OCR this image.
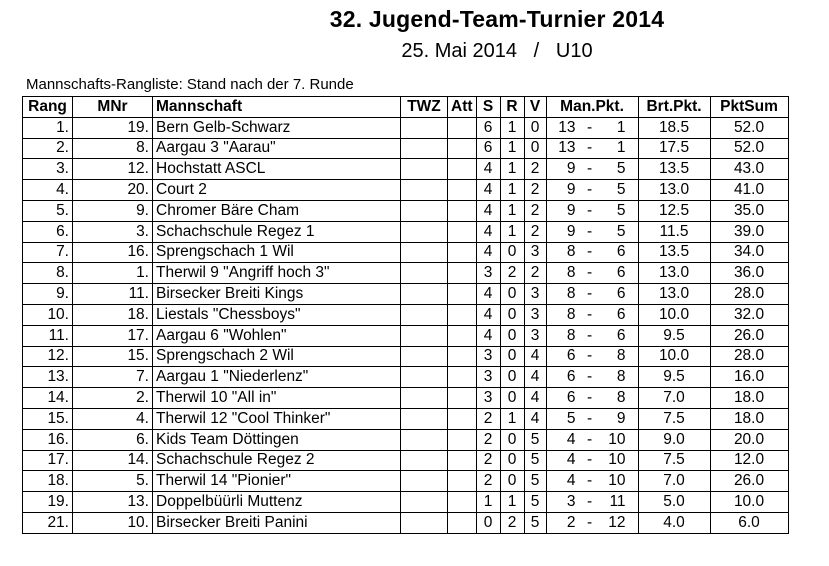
32. Jugend-Team-Turnier 2014
25. Mai 2014   /   U10
Mannschafts-Rangliste: Stand nach der 7. Runde
Rang	MNr	Mannschaft	TWZ	Att	S	R	V	Man.Pkt.	Brt.Pkt.	PktSum
1.	19.	Bern Gelb-Schwarz			6	1	0	13 - 1	18.5	52.0
2.	8.	Aargau 3 "Aarau"			6	1	0	13 - 1	17.5	52.0
3.	12.	Hochstatt ASCL			4	1	2	9 - 5	13.5	43.0
4.	20.	Court 2			4	1	2	9 - 5	13.0	41.0
5.	9.	Chromer Bäre Cham			4	1	2	9 - 5	12.5	35.0
6.	3.	Schachschule Regez 1			4	1	2	9 - 5	11.5	39.0
7.	16.	Sprengschach 1 Wil			4	0	3	8 - 6	13.5	34.0
8.	1.	Therwil 9 "Angriff hoch 3"			3	2	2	8 - 6	13.0	36.0
9.	11.	Birsecker Breiti Kings			4	0	3	8 - 6	13.0	28.0
10.	18.	Liestals "Chessboys"			4	0	3	8 - 6	10.0	32.0
11.	17.	Aargau 6 "Wohlen"			4	0	3	8 - 6	9.5	26.0
12.	15.	Sprengschach 2 Wil			3	0	4	6 - 8	10.0	28.0
13.	7.	Aargau 1 "Niederlenz"			3	0	4	6 - 8	9.5	16.0
14.	2.	Therwil 10 "All in"			3	0	4	6 - 8	7.0	18.0
15.	4.	Therwil 12 "Cool Thinker"			2	1	4	5 - 9	7.5	18.0
16.	6.	Kids Team Döttingen			2	0	5	4 - 10	9.0	20.0
17.	14.	Schachschule Regez 2			2	0	5	4 - 10	7.5	12.0
18.	5.	Therwil 14 "Pionier"			2	0	5	4 - 10	7.0	26.0
19.	13.	Doppelbüürli Muttenz			1	1	5	3 - 11	5.0	10.0
21.	10.	Birsecker Breiti Panini			0	2	5	2 - 12	4.0	6.0
